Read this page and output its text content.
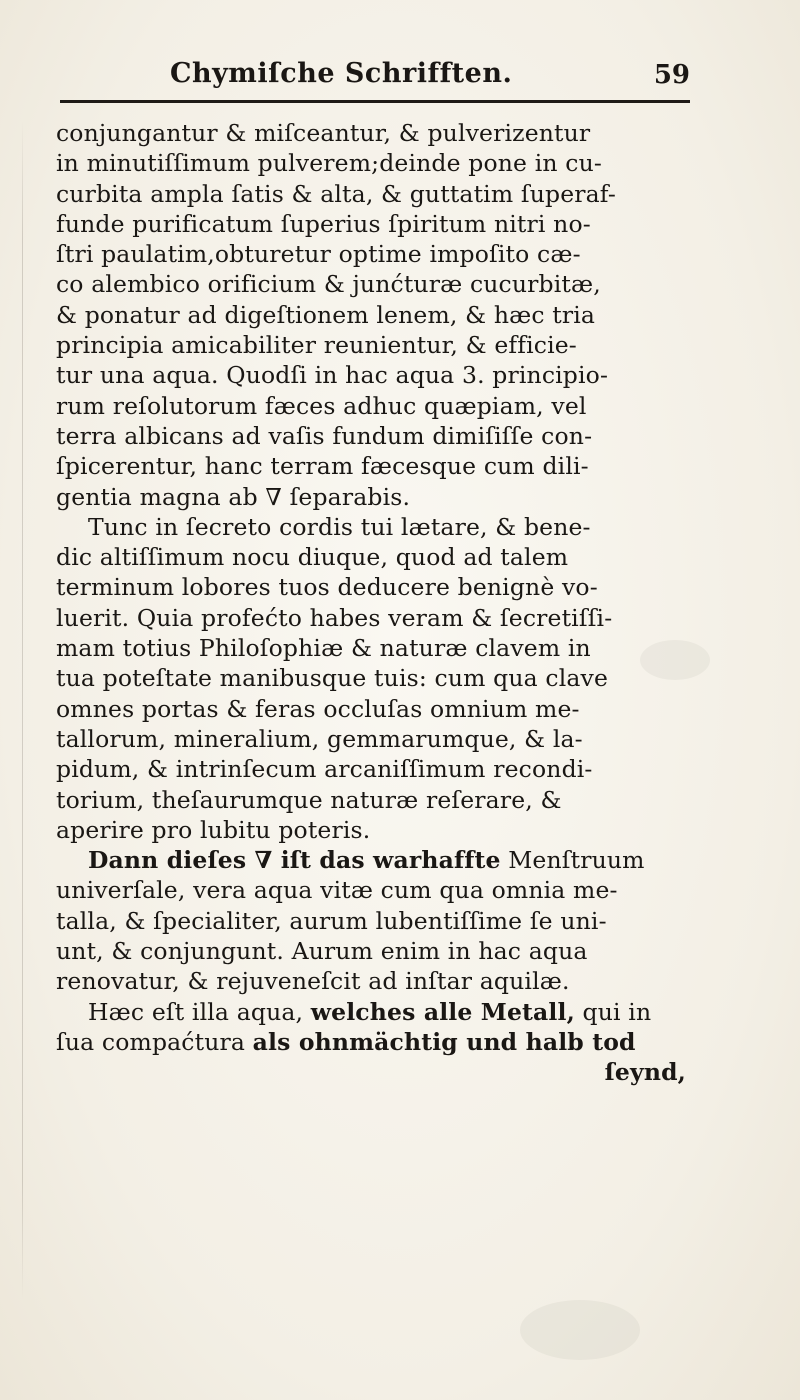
Chymiſche Schrifften.	59
conjungantur & miſceantur, & pulverizentur
in minutiſſimum pulverem;deinde pone in cu-
curbita ampla ſatis & alta, & guttatim ſuperaf-
funde purificatum ſuperius ſpiritum nitri no-
ſtri paulatim,obturetur optime impoſito cæ-
co alembico orificium & junćturæ cucurbitæ,
& ponatur ad digeſtionem lenem, & hæc tria
principia amicabiliter reunientur, & efficie-
tur una aqua. Quodſi in hac aqua 3. principio-
rum reſolutorum fæces adhuc quæpiam, vel
terra albicans ad vaſis fundum dimiſiſſe con-
ſpicerentur, hanc terram fæcesque cum dili-
gentia magna ab ∇ ſeparabis.
Tunc in ſecreto cordis tui lætare, & bene-
dic altiſſimum nocu diuque, quod ad talem
terminum lobores tuos deducere benignè vo-
luerit. Quia profećto habes veram & ſecretiſſi-
mam totius Philoſophiæ & naturæ clavem in
tua poteſtate manibusque tuis: cum qua clave
omnes portas & feras occluſas omnium me-
tallorum, mineralium, gemmarumque, & la-
pidum, & intrinſecum arcaniſſimum recondi-
torium, theſaurumque naturæ reſerare, &
aperire pro lubitu poteris.
Dann dieſes ∇ iſt das warhaffte Menſtruum
univerſale, vera aqua vitæ cum qua omnia me-
talla, & ſpecialiter, aurum lubentiſſime ſe uni-
unt, & conjungunt. Aurum enim in hac aqua
renovatur, & rejuveneſcit ad inſtar aquilæ.
Hæc eſt illa aqua, welches alle Metall, qui in
ſua compaćtura als ohnmächtig und halb tod
ſeynd,
